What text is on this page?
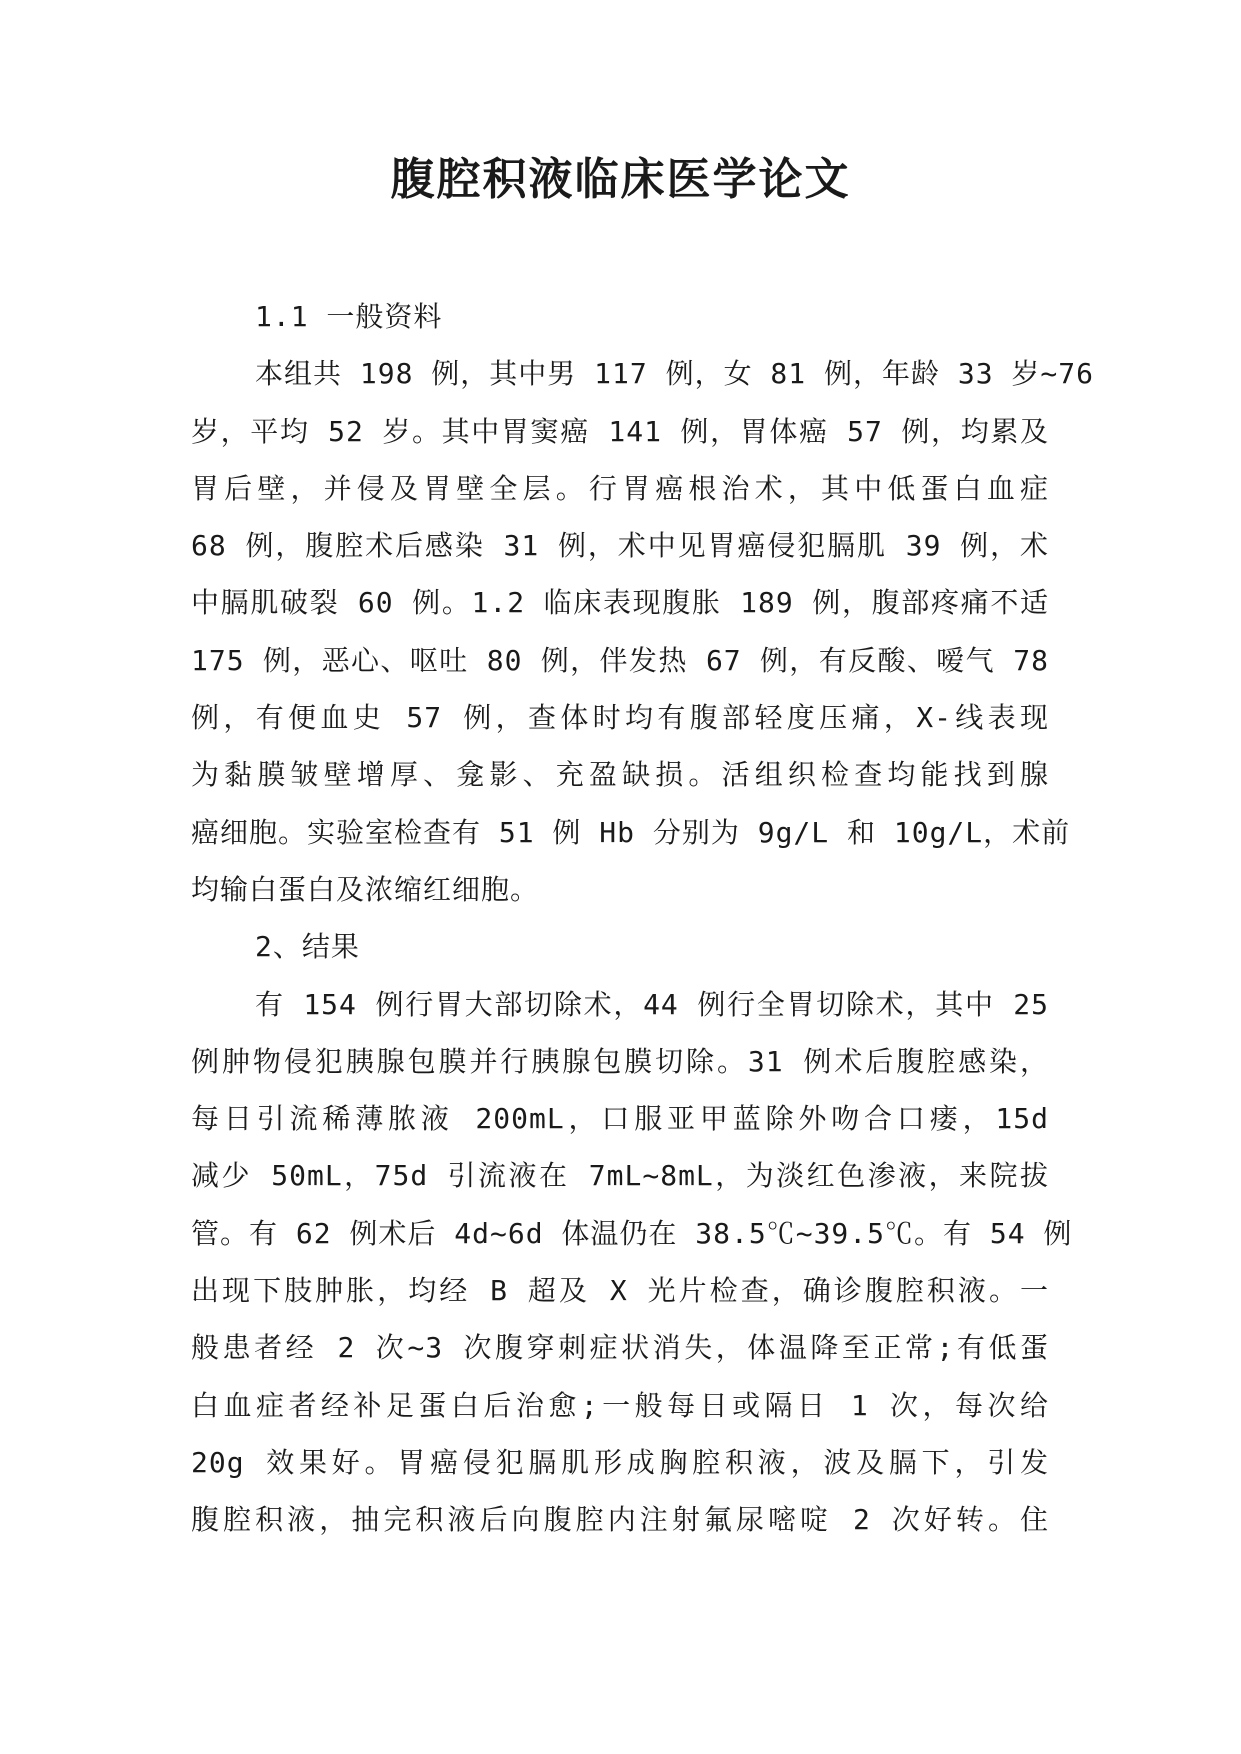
腹腔积液临床医学论文
1.1 一般资料
本组共 198 例，其中男 117 例，女 81 例，年龄 33 岁~76
岁，平均 52 岁。其中胃窦癌 141 例，胃体癌 57 例，均累及
胃后壁，并侵及胃壁全层。行胃癌根治术，其中低蛋白血症
68 例，腹腔术后感染 31 例，术中见胃癌侵犯膈肌 39 例，术
中膈肌破裂 60 例。1.2 临床表现腹胀 189 例，腹部疼痛不适
175 例，恶心、呕吐 80 例，伴发热 67 例，有反酸、嗳气 78
例，有便血史 57 例，查体时均有腹部轻度压痛，X-线表现
为黏膜皱壁增厚、龛影、充盈缺损。活组织检查均能找到腺
癌细胞。实验室检查有 51 例 Hb 分别为 9g/L 和 10g/L，术前
均输白蛋白及浓缩红细胞。
2、结果
有 154 例行胃大部切除术，44 例行全胃切除术，其中 25
例肿物侵犯胰腺包膜并行胰腺包膜切除。31 例术后腹腔感染，
每日引流稀薄脓液 200mL，口服亚甲蓝除外吻合口瘘，15d
减少 50mL，75d 引流液在 7mL~8mL，为淡红色渗液，来院拔
管。有 62 例术后 4d~6d 体温仍在 38.5℃~39.5℃。有 54 例
出现下肢肿胀，均经 B 超及 X 光片检查，确诊腹腔积液。一
般患者经 2 次~3 次腹穿刺症状消失，体温降至正常;有低蛋
白血症者经补足蛋白后治愈;一般每日或隔日 1 次，每次给
20g 效果好。胃癌侵犯膈肌形成胸腔积液，波及膈下，引发
腹腔积液，抽完积液后向腹腔内注射氟尿嘧啶 2 次好转。住
